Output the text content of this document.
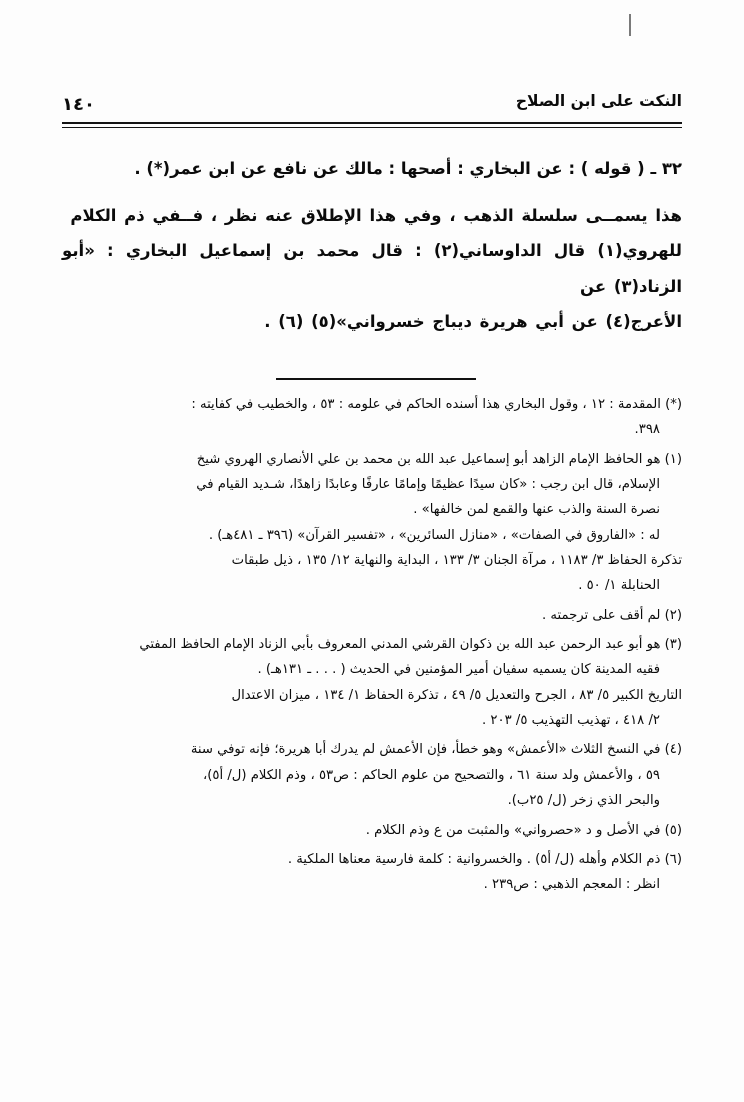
النكت على ابن الصلاح
١٤٠

٣٢ ـ ( قوله ) : عن البخاري : أصحها : مالك عن نافع عن ابن عمر(*) .

هذا يسمــى سلسلة الذهب ، وفي هذا الإطلاق عنه نظر ، فــفي ذم الكلام

للهروي(١) قال الداوساني(٢) : قال محمد بن إسماعيل البخاري : «أبو الزناد(٣) عن

الأعرج(٤) عن أبي هريرة ديباج خسرواني»(٥) (٦) .

(*) المقدمة : ١٢ ، وقول البخاري هذا أسنده الحاكم في علومه : ٥٣ ، والخطيب في كفايته :
٣٩٨.
(١) هو الحافظ الإمام الزاهد أبو إسماعيل عبد الله بن محمد بن علي الأنصاري الهروي شيخ
الإسلام، قال ابن رجب : «كان سيدًا عظيمًا وإمامًا عارفًا وعابدًا زاهدًا، شـديد القيام في
نصرة السنة والذب عنها والقمع لمن خالفها» .
له : «الفاروق في الصفات» ، «منازل السائرين» ، «تفسير القرآن» (٣٩٦ ـ ٤٨١هـ) .
تذكرة الحفاظ ٣/ ١١٨٣ ، مرآة الجنان ٣/ ١٣٣ ، البداية والنهاية ١٢/ ١٣٥ ، ذيل طبقات
الحنابلة ١/ ٥٠ .
(٢) لم أقف على ترجمته .
(٣) هو أبو عبد الرحمن عبد الله بن ذكوان القرشي المدني المعروف بأبي الزناد الإمام الحافظ المفتي
فقيه المدينة كان يسميه سفيان أمير المؤمنين في الحديث ( . . . ـ ١٣١هـ) .
التاريخ الكبير ٥/ ٨٣ ، الجرح والتعديل ٥/ ٤٩ ، تذكرة الحفاظ ١/ ١٣٤ ، ميزان الاعتدال
٢/ ٤١٨ ، تهذيب التهذيب ٥/ ٢٠٣ .
(٤) في النسخ الثلاث «الأعمش» وهو خطأ، فإن الأعمش لم يدرك أبا هريرة؛ فإنه توفي سنة
٥٩ ، والأعمش ولد سنة ٦١ ، والتصحيح من علوم الحاكم : ص٥٣ ، وذم الكلام (ل/ أ٥)،
والبحر الذي زخر (ل/ ٢٥ب).
(٥) في الأصل و د «حصرواني» والمثبت من ع وذم الكلام .
(٦) ذم الكلام وأهله (ل/ أ٥) . والخسروانية : كلمة فارسية معناها الملكية .
انظر : المعجم الذهبي : ص٢٣٩ .
